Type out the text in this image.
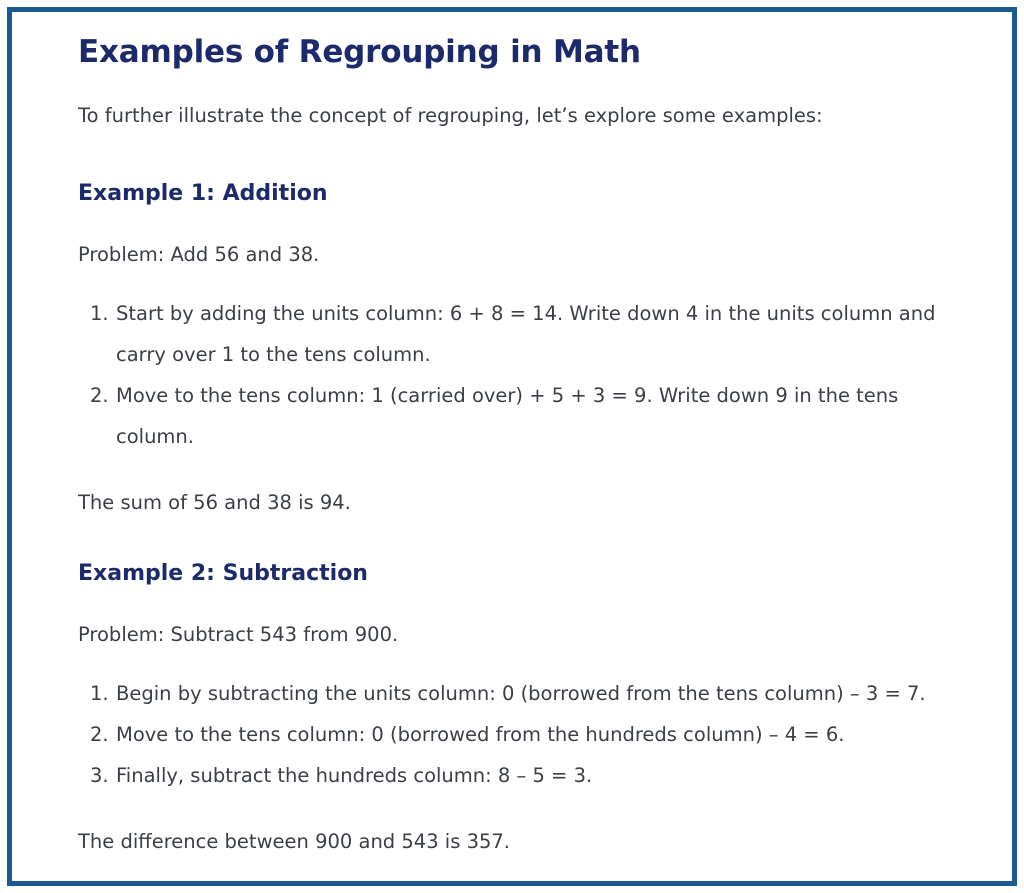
Examples of Regrouping in Math

To further illustrate the concept of regrouping, let’s explore some examples:

Example 1: Addition

Problem: Add 56 and 38.

1. Start by adding the units column: 6 + 8 = 14. Write down 4 in the units column and carry over 1 to the tens column.
2. Move to the tens column: 1 (carried over) + 5 + 3 = 9. Write down 9 in the tens column.

The sum of 56 and 38 is 94.

Example 2: Subtraction

Problem: Subtract 543 from 900.

1. Begin by subtracting the units column: 0 (borrowed from the tens column) – 3 = 7.
2. Move to the tens column: 0 (borrowed from the hundreds column) – 4 = 6.
3. Finally, subtract the hundreds column: 8 – 5 = 3.

The difference between 900 and 543 is 357.
